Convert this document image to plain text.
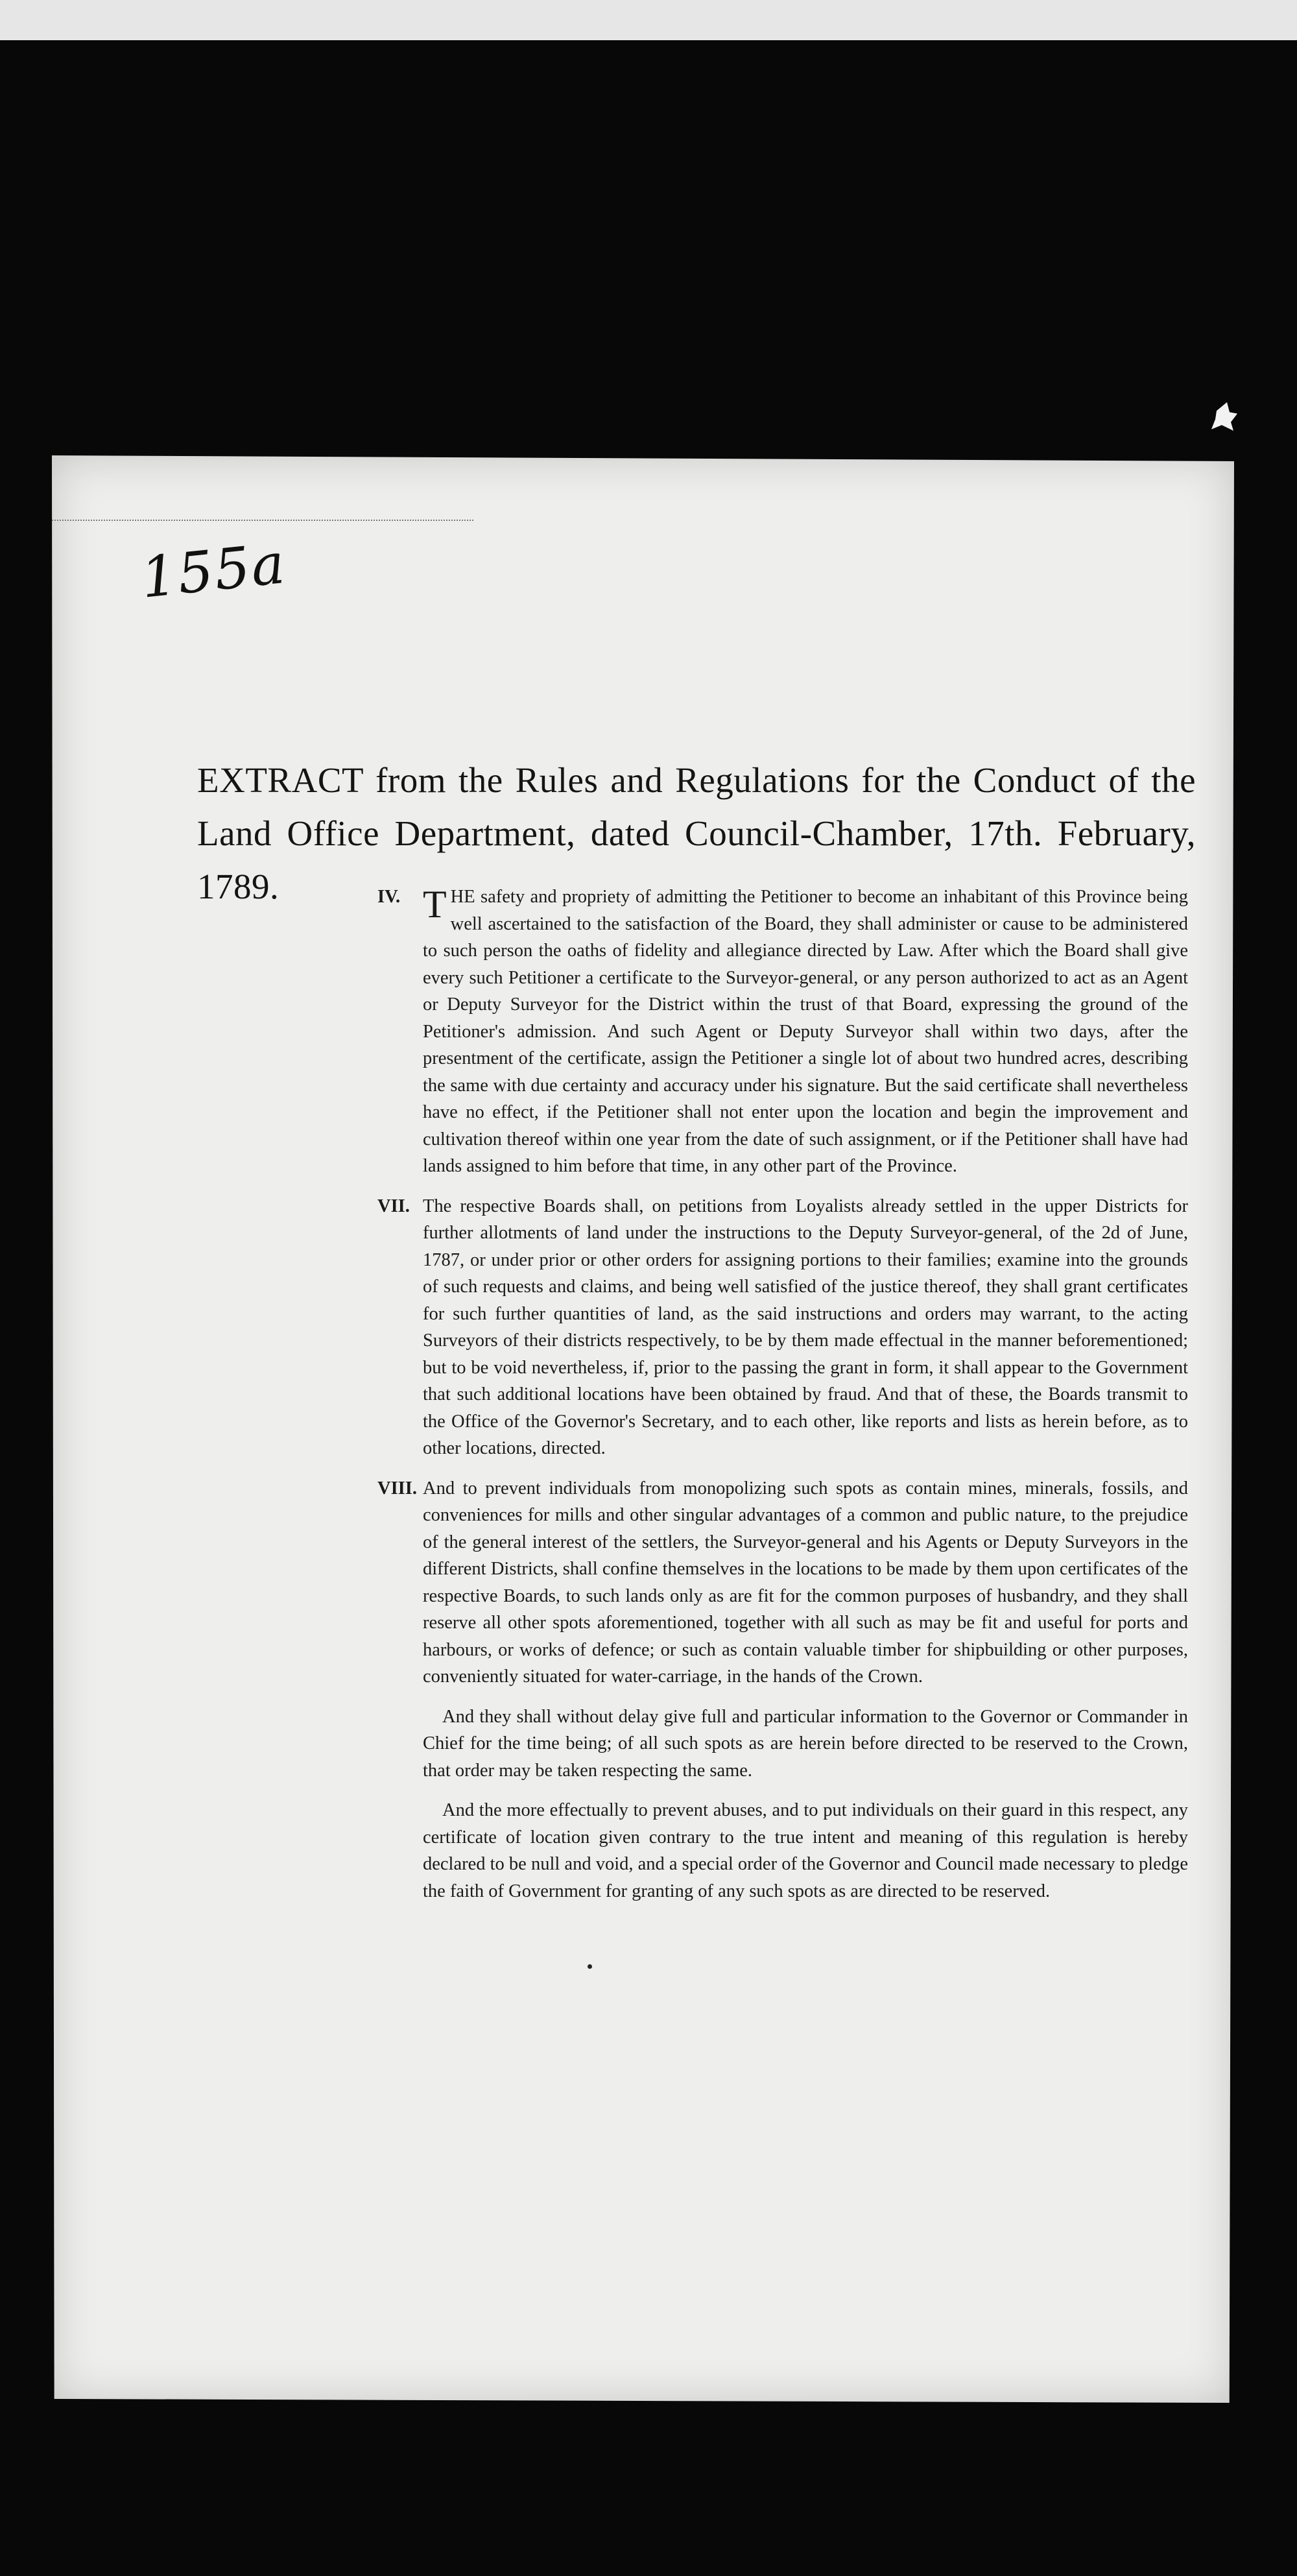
155a
EXTRACT from the Rules and Regulations for the Conduct of the Land Office Department, dated Council-Chamber, 17th. February, 1789.	IV. THE safety and propriety of admitting the Petitioner to become an inhabitant of this Province being well ascertained to the satisfaction of the Board, they shall administer or cause to be administered to such person the oaths of fidelity and allegiance directed by Law. After which the Board shall give every such Petitioner a certificate to the Surveyor-general, or any person authorized to act as an Agent or Deputy Surveyor for the District within the trust of that Board, expressing the ground of the Petitioner's admission. And such Agent or Deputy Surveyor shall within two days, after the presentment of the certificate, assign the Petitioner a single lot of about two hundred acres, describing the same with due certainty and accuracy under his signature. But the said certificate shall nevertheless have no effect, if the Petitioner shall not enter upon the location and begin the improvement and cultivation thereof within one year from the date of such assignment, or if the Petitioner shall have had lands assigned to him before that time, in any other part of the Province.

VII. The respective Boards shall, on petitions from Loyalists already settled in the upper Districts for further allotments of land under the instructions to the Deputy Surveyor-general, of the 2d of June, 1787, or under prior or other orders for assigning portions to their families; examine into the grounds of such requests and claims, and being well satisfied of the justice thereof, they shall grant certificates for such further quantities of land, as the said instructions and orders may warrant, to the acting Surveyors of their districts respectively, to be by them made effectual in the manner beforementioned; but to be void nevertheless, if, prior to the passing the grant in form, it shall appear to the Government that such additional locations have been obtained by fraud. And that of these, the Boards transmit to the Office of the Governor's Secretary, and to each other, like reports and lists as herein before, as to other locations, directed.

VIII. And to prevent individuals from monopolizing such spots as contain mines, minerals, fossils, and conveniences for mills and other singular advantages of a common and public nature, to the prejudice of the general interest of the settlers, the Surveyor-general and his Agents or Deputy Surveyors in the different Districts, shall confine themselves in the locations to be made by them upon certificates of the respective Boards, to such lands only as are fit for the common purposes of husbandry, and they shall reserve all other spots aforementioned, together with all such as may be fit and useful for ports and harbours, or works of defence; or such as contain valuable timber for shipbuilding or other purposes, conveniently situated for water-carriage, in the hands of the Crown.

And they shall without delay give full and particular information to the Governor or Commander in Chief for the time being; of all such spots as are herein before directed to be reserved to the Crown, that order may be taken respecting the same.

And the more effectually to prevent abuses, and to put individuals on their guard in this respect, any certificate of location given contrary to the true intent and meaning of this regulation is hereby declared to be null and void, and a special order of the Governor and Council made necessary to pledge the faith of Government for granting of any such spots as are directed to be reserved.
